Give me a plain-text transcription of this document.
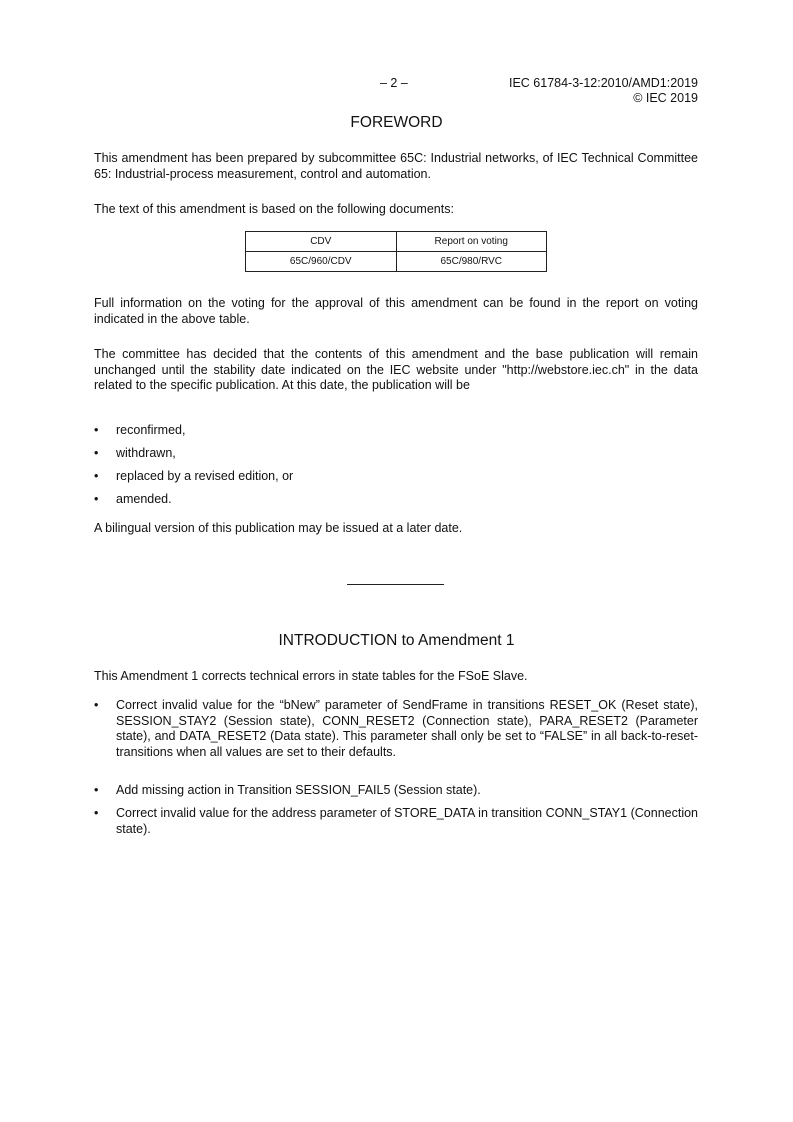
– 2 –	IEC 61784-3-12:2010/AMD1:2019
© IEC 2019
FOREWORD
This amendment has been prepared by subcommittee 65C: Industrial networks, of IEC Technical Committee 65: Industrial-process measurement, control and automation.
The text of this amendment is based on the following documents:
CDV	Report on voting
65C/960/CDV	65C/980/RVC
Full information on the voting for the approval of this amendment can be found in the report on voting indicated in the above table.
The committee has decided that the contents of this amendment and the base publication will remain unchanged until the stability date indicated on the IEC website under "http://webstore.iec.ch" in the data related to the specific publication. At this date, the publication will be
• reconfirmed,
• withdrawn,
• replaced by a revised edition, or
• amended.
A bilingual version of this publication may be issued at a later date.
INTRODUCTION to Amendment 1
This Amendment 1 corrects technical errors in state tables for the FSoE Slave.
• Correct invalid value for the “bNew” parameter of SendFrame in transitions RESET_OK (Reset state), SESSION_STAY2 (Session state), CONN_RESET2 (Connection state), PARA_RESET2 (Parameter state), and DATA_RESET2 (Data state). This parameter shall only be set to “FALSE” in all back-to-reset-transitions when all values are set to their defaults.
• Add missing action in Transition SESSION_FAIL5 (Session state).
• Correct invalid value for the address parameter of STORE_DATA in transition CONN_STAY1 (Connection state).
